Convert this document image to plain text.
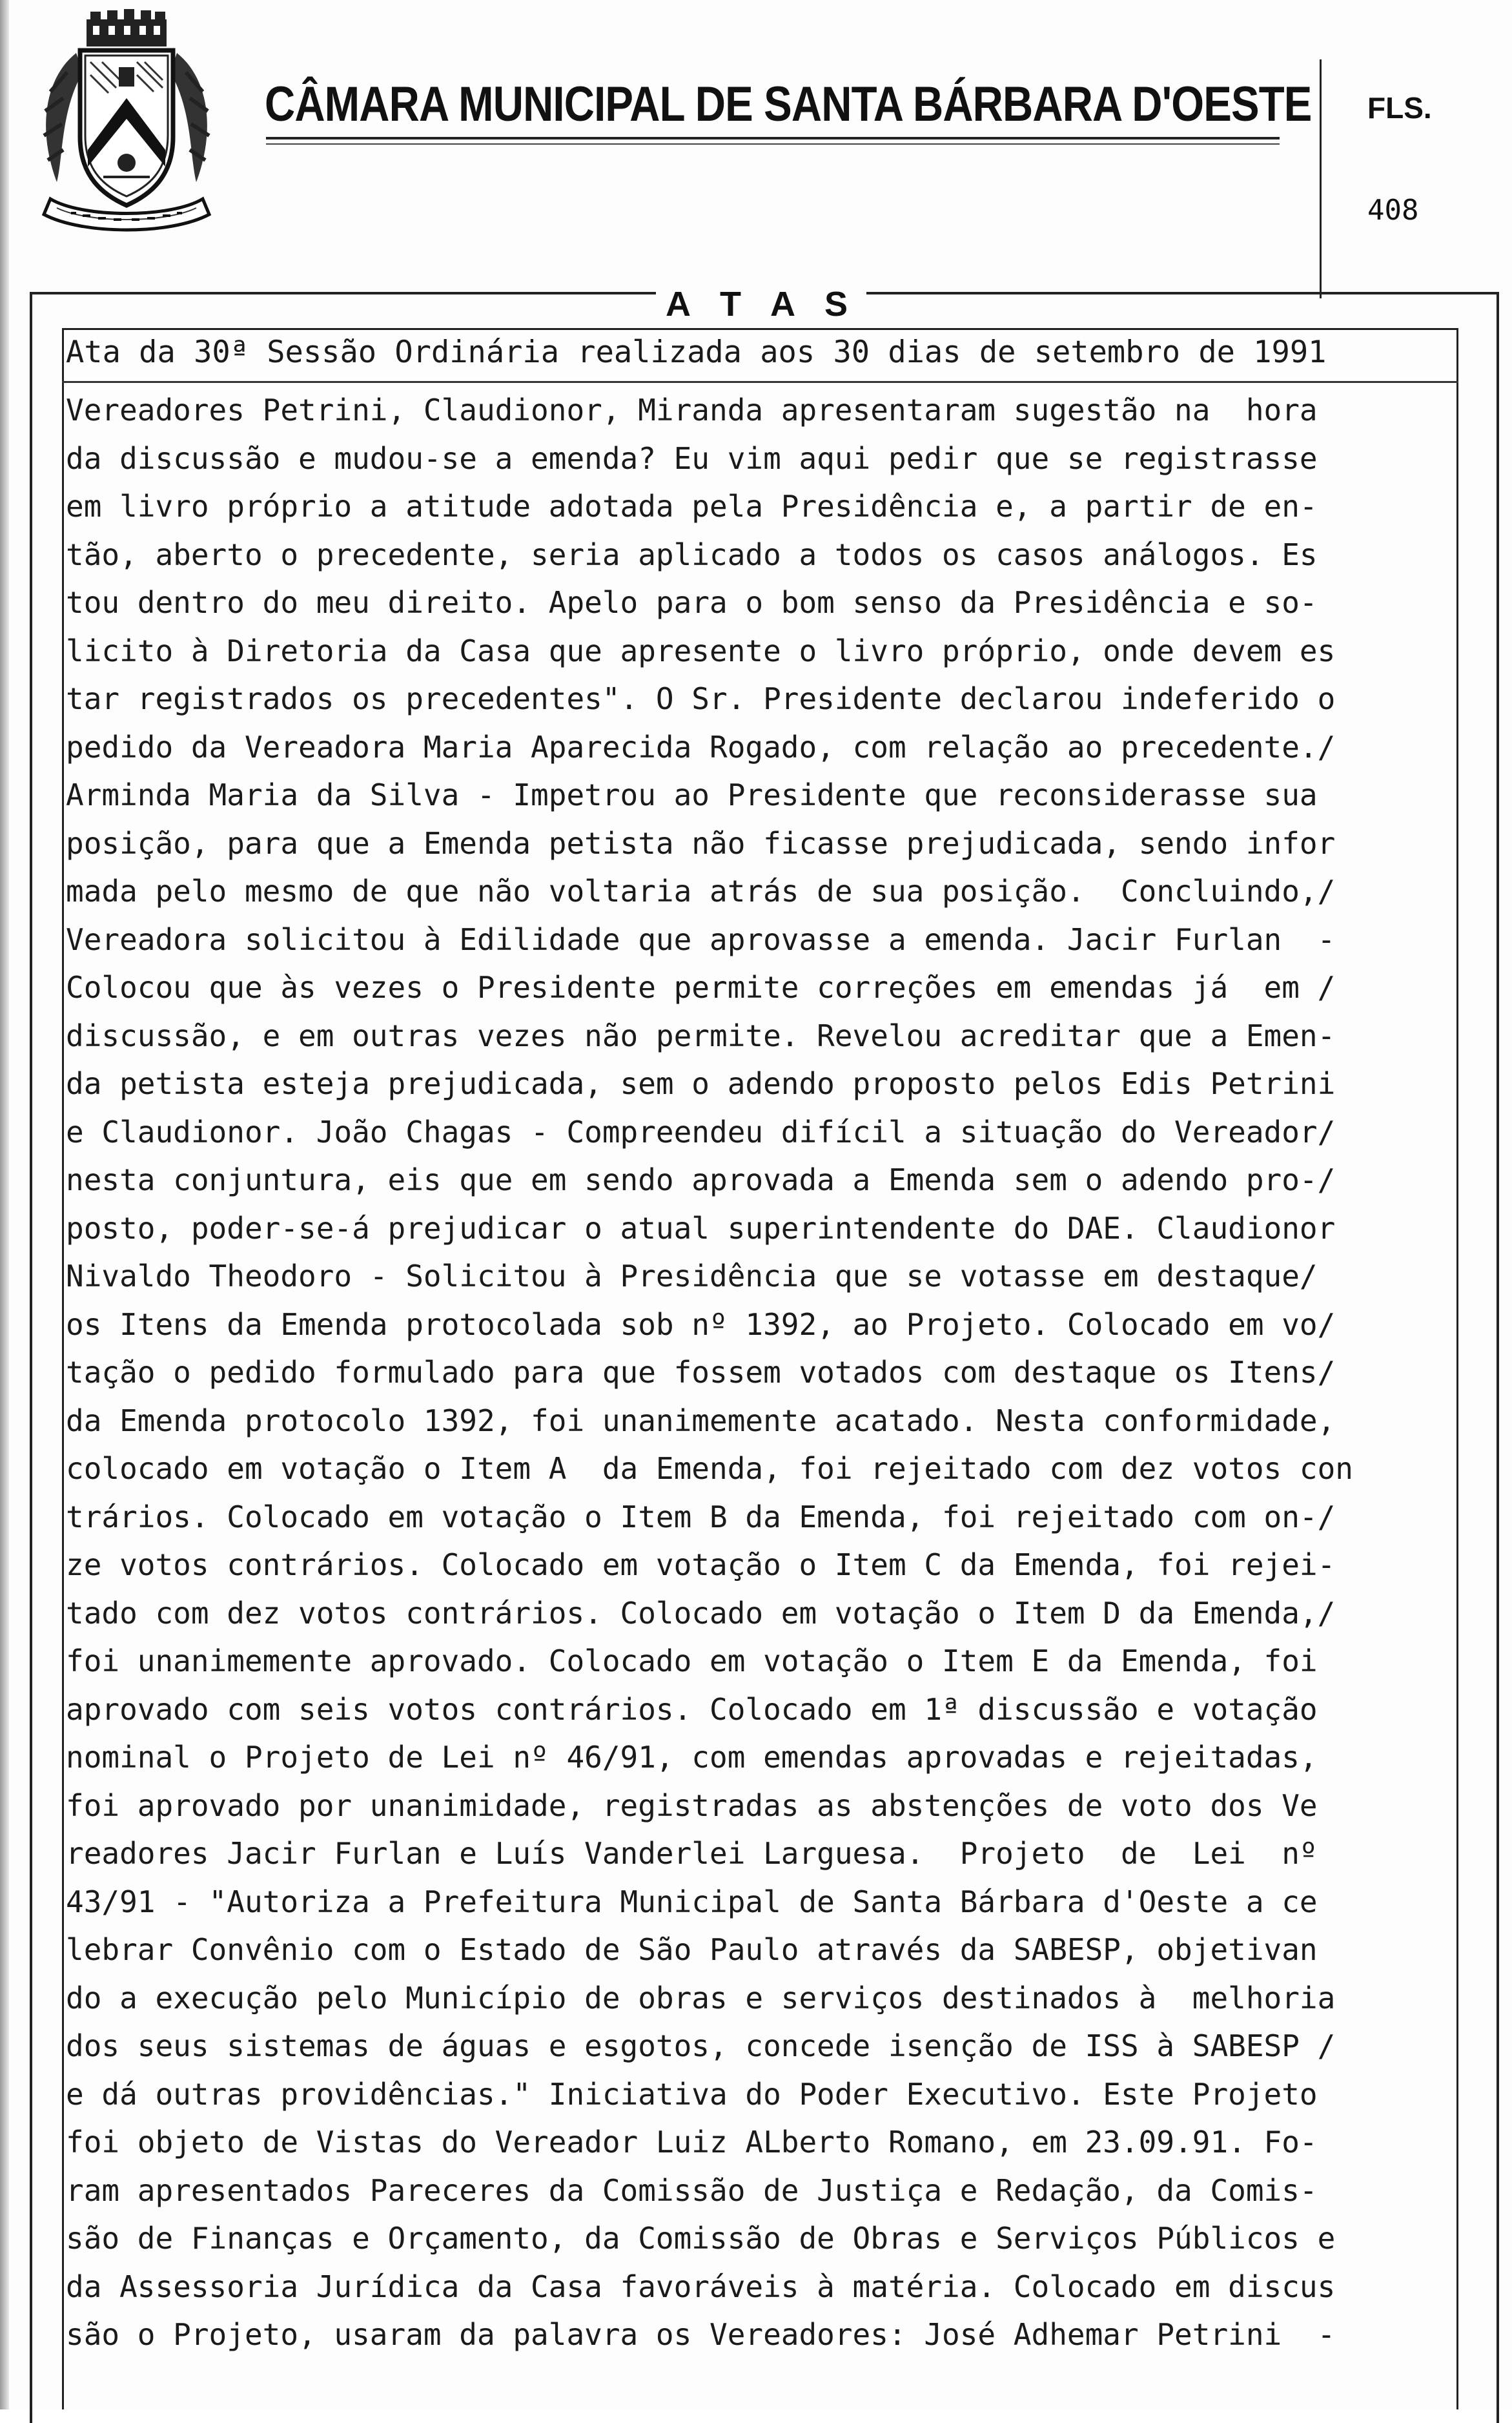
CÂMARA MUNICIPAL DE SANTA BÁRBARA D'OESTE FLS.
408
A T A S
Ata da 30ª Sessão Ordinária realizada aos 30 dias de setembro de 1991
Vereadores Petrini, Claudionor, Miranda apresentaram sugestão na  hora
da discussão e mudou-se a emenda? Eu vim aqui pedir que se registrasse
em livro próprio a atitude adotada pela Presidência e, a partir de en-
tão, aberto o precedente, seria aplicado a todos os casos análogos. Es
tou dentro do meu direito. Apelo para o bom senso da Presidência e so-
licito à Diretoria da Casa que apresente o livro próprio, onde devem es
tar registrados os precedentes". O Sr. Presidente declarou indeferido o
pedido da Vereadora Maria Aparecida Rogado, com relação ao precedente./
Arminda Maria da Silva - Impetrou ao Presidente que reconsiderasse sua
posição, para que a Emenda petista não ficasse prejudicada, sendo infor
mada pelo mesmo de que não voltaria atrás de sua posição.  Concluindo,/
Vereadora solicitou à Edilidade que aprovasse a emenda. Jacir Furlan  -
Colocou que às vezes o Presidente permite correções em emendas já  em /
discussão, e em outras vezes não permite. Revelou acreditar que a Emen-
da petista esteja prejudicada, sem o adendo proposto pelos Edis Petrini
e Claudionor. João Chagas - Compreendeu difícil a situação do Vereador/
nesta conjuntura, eis que em sendo aprovada a Emenda sem o adendo pro-/
posto, poder-se-á prejudicar o atual superintendente do DAE. Claudionor
Nivaldo Theodoro - Solicitou à Presidência que se votasse em destaque/
os Itens da Emenda protocolada sob nº 1392, ao Projeto. Colocado em vo/
tação o pedido formulado para que fossem votados com destaque os Itens/
da Emenda protocolo 1392, foi unanimemente acatado. Nesta conformidade,
colocado em votação o Item A  da Emenda, foi rejeitado com dez votos con
trários. Colocado em votação o Item B da Emenda, foi rejeitado com on-/
ze votos contrários. Colocado em votação o Item C da Emenda, foi rejei-
tado com dez votos contrários. Colocado em votação o Item D da Emenda,/
foi unanimemente aprovado. Colocado em votação o Item E da Emenda, foi
aprovado com seis votos contrários. Colocado em 1ª discussão e votação
nominal o Projeto de Lei nº 46/91, com emendas aprovadas e rejeitadas,
foi aprovado por unanimidade, registradas as abstenções de voto dos Ve
readores Jacir Furlan e Luís Vanderlei Larguesa.  Projeto  de  Lei  nº
43/91 - "Autoriza a Prefeitura Municipal de Santa Bárbara d'Oeste a ce
lebrar Convênio com o Estado de São Paulo através da SABESP, objetivan
do a execução pelo Município de obras e serviços destinados à  melhoria
dos seus sistemas de águas e esgotos, concede isenção de ISS à SABESP /
e dá outras providências." Iniciativa do Poder Executivo. Este Projeto
foi objeto de Vistas do Vereador Luiz ALberto Romano, em 23.09.91. Fo-
ram apresentados Pareceres da Comissão de Justiça e Redação, da Comis-
são de Finanças e Orçamento, da Comissão de Obras e Serviços Públicos e
da Assessoria Jurídica da Casa favoráveis à matéria. Colocado em discus
são o Projeto, usaram da palavra os Vereadores: José Adhemar Petrini  -
